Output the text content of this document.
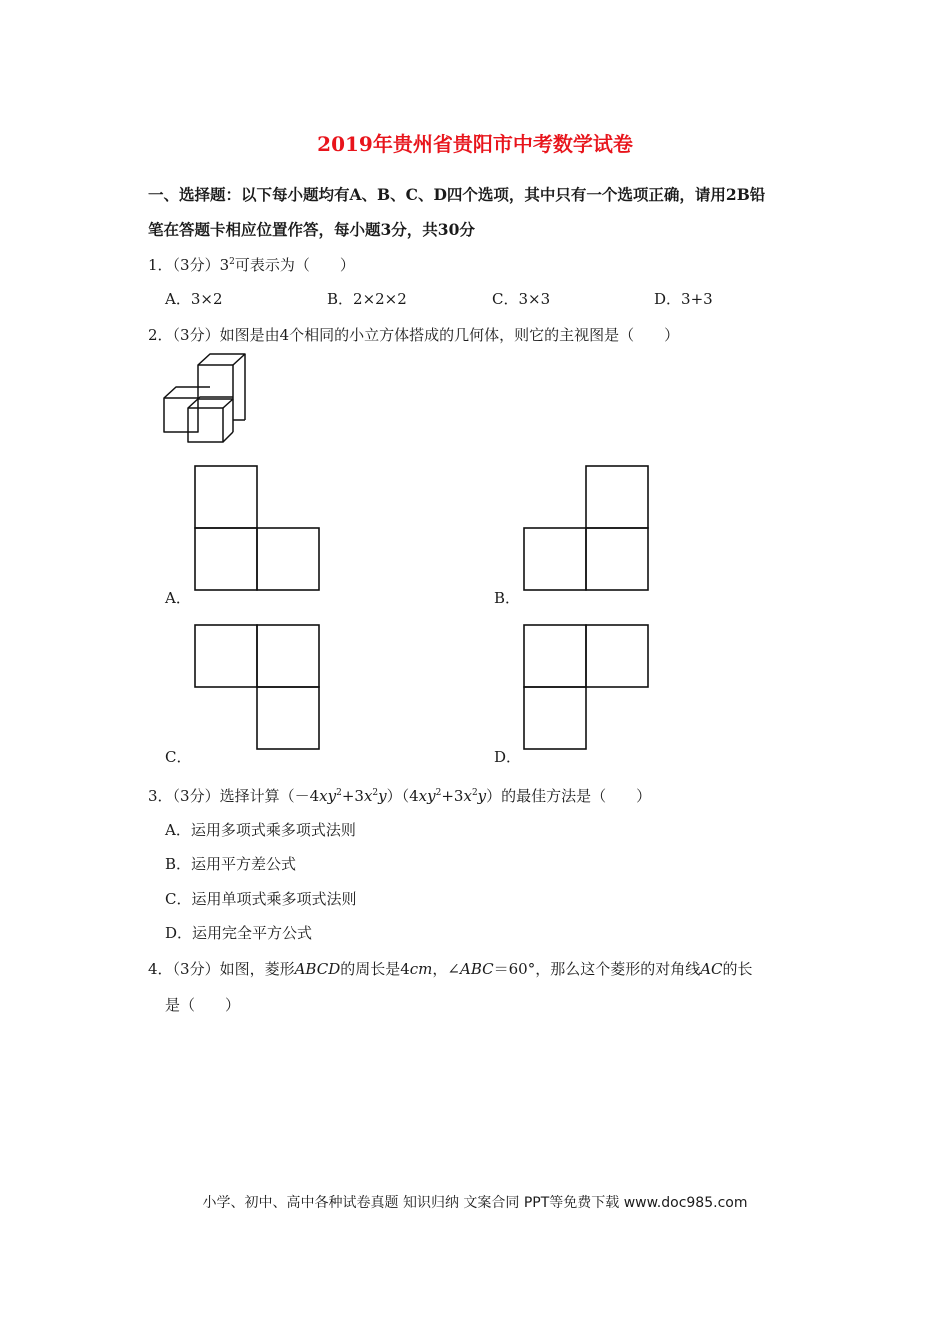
2019年贵州省贵阳市中考数学试卷
一、选择题：以下每小题均有A、B、C、D四个选项，其中只有一个选项正确，请用2B铅
笔在答题卡相应位置作答，每小题3分，共30分
1．（3分）$3^2$可表示为（　　）
A．3×2	B．2×2×2	C．3×3	D．3+3
2．（3分）如图是由4个相同的小立方体搭成的几何体，则它的主视图是（　　）
A．	B．
C．	D．
3．（3分）选择计算$(-4xy^2+3x^2y)(4xy^2+3x^2y)$的最佳方法是（　　）
A．运用多项式乘多项式法则
B．运用平方差公式
C．运用单项式乘多项式法则
D．运用完全平方公式
4．（3分）如图，菱形ABCD的周长是4cm，∠ABC＝60°，那么这个菱形的对角线AC的长
是（　　）
小学、初中、高中各种试卷真题 知识归纳 文案合同 PPT等免费下载 www.doc985.com
